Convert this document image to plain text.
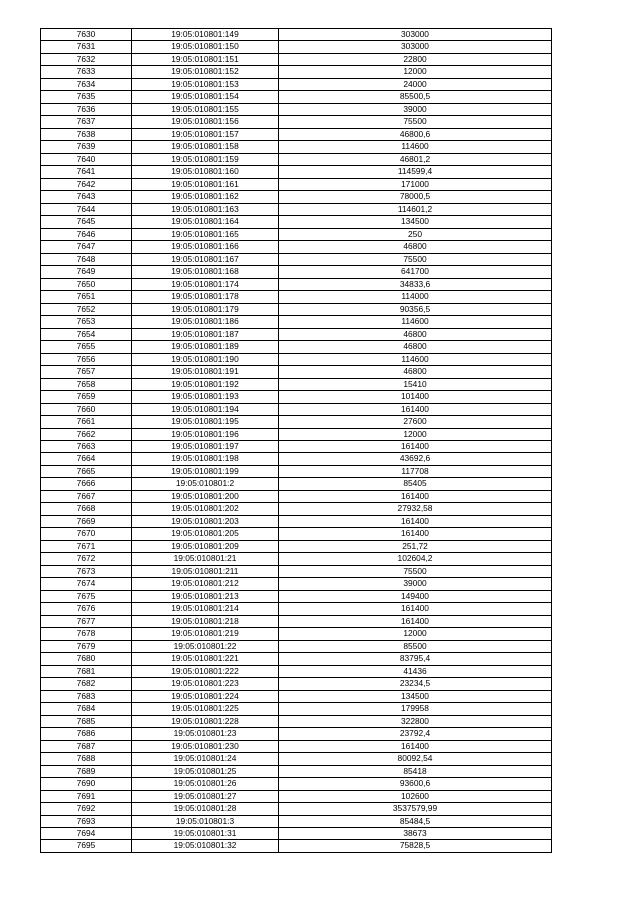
7630	19:05:010801:149	303000
7631	19:05:010801:150	303000
7632	19:05:010801:151	22800
7633	19:05:010801:152	12000
7634	19:05:010801:153	24000
7635	19:05:010801:154	85500,5
7636	19:05:010801:155	39000
7637	19:05:010801:156	75500
7638	19:05:010801:157	46800,6
7639	19:05:010801:158	114600
7640	19:05:010801:159	46801,2
7641	19:05:010801:160	114599,4
7642	19:05:010801:161	171000
7643	19:05:010801:162	78000,5
7644	19:05:010801:163	114601,2
7645	19:05:010801:164	134500
7646	19:05:010801:165	250
7647	19:05:010801:166	46800
7648	19:05:010801:167	75500
7649	19:05:010801:168	641700
7650	19:05:010801:174	34833,6
7651	19:05:010801:178	114000
7652	19:05:010801:179	90356,5
7653	19:05:010801:186	114600
7654	19:05:010801:187	46800
7655	19:05:010801:189	46800
7656	19:05:010801:190	114600
7657	19:05:010801:191	46800
7658	19:05:010801:192	15410
7659	19:05:010801:193	101400
7660	19:05:010801:194	161400
7661	19:05:010801:195	27600
7662	19:05:010801:196	12000
7663	19:05:010801:197	161400
7664	19:05:010801:198	43692,6
7665	19:05:010801:199	117708
7666	19:05:010801:2	85405
7667	19:05:010801:200	161400
7668	19:05:010801:202	27932,58
7669	19:05:010801:203	161400
7670	19:05:010801:205	161400
7671	19:05:010801:209	251,72
7672	19:05:010801:21	102604,2
7673	19:05:010801:211	75500
7674	19:05:010801:212	39000
7675	19:05:010801:213	149400
7676	19:05:010801:214	161400
7677	19:05:010801:218	161400
7678	19:05:010801:219	12000
7679	19:05:010801:22	85500
7680	19:05:010801:221	83795,4
7681	19:05:010801:222	41436
7682	19:05:010801:223	23234,5
7683	19:05:010801:224	134500
7684	19:05:010801:225	179958
7685	19:05:010801:228	322800
7686	19:05:010801:23	23792,4
7687	19:05:010801:230	161400
7688	19:05:010801:24	80092,54
7689	19:05:010801:25	85418
7690	19:05:010801:26	93600,6
7691	19:05:010801:27	102600
7692	19:05:010801:28	3537579,99
7693	19:05:010801:3	85484,5
7694	19:05:010801:31	38673
7695	19:05:010801:32	75828,5
